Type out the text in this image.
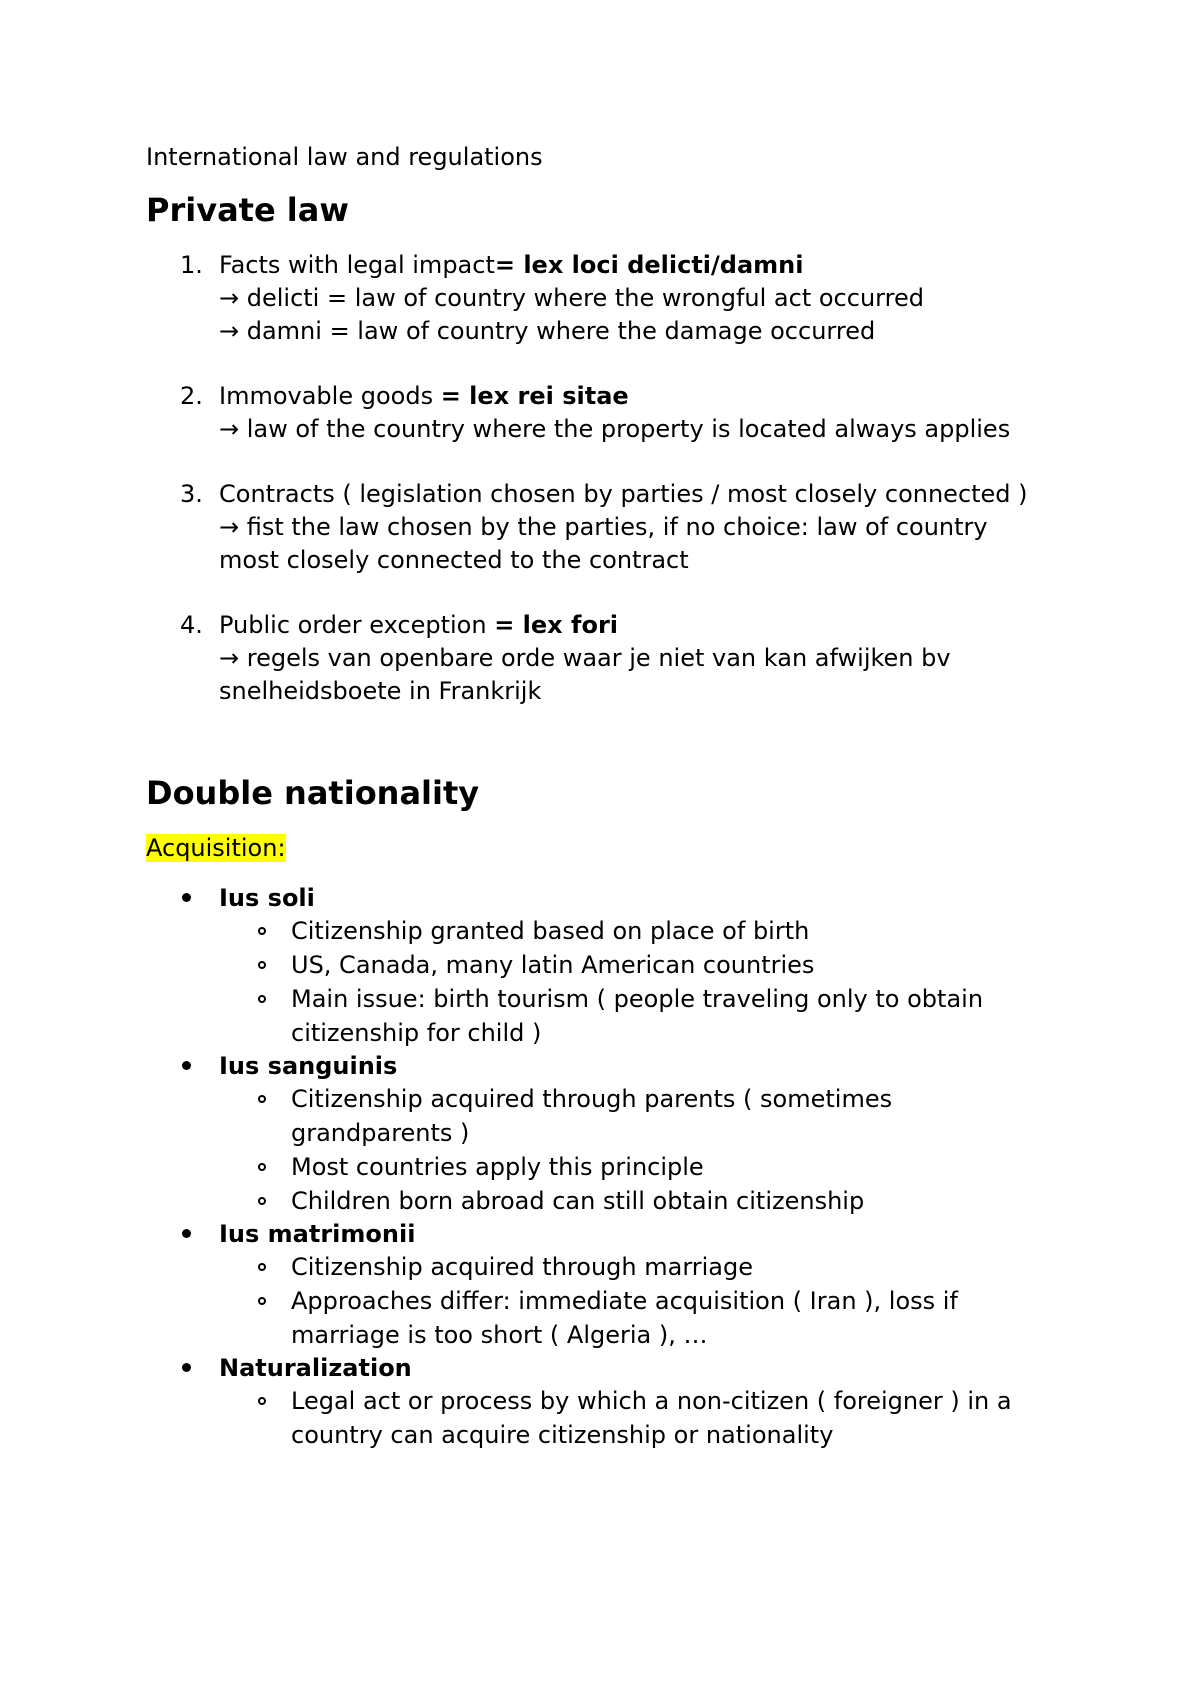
International law and regulations
Private law
1. Facts with legal impact= lex loci delicti/damni
→ delicti = law of country where the wrongful act occurred
→ damni = law of country where the damage occurred
2. Immovable goods = lex rei sitae
→ law of the country where the property is located always applies
3. Contracts ( legislation chosen by parties / most closely connected )
→ fist the law chosen by the parties, if no choice: law of country
most closely connected to the contract
4. Public order exception = lex fori
→ regels van openbare orde waar je niet van kan afwijken bv
snelheidsboete in Frankrijk
Double nationality
Acquisition:
Ius soli
Citizenship granted based on place of birth
US, Canada, many latin American countries
Main issue: birth tourism ( people traveling only to obtain
citizenship for child )
Ius sanguinis
Citizenship acquired through parents ( sometimes
grandparents )
Most countries apply this principle
Children born abroad can still obtain citizenship
Ius matrimonii
Citizenship acquired through marriage
Approaches differ: immediate acquisition ( Iran ), loss if
marriage is too short ( Algeria ), …
Naturalization
Legal act or process by which a non-citizen ( foreigner ) in a
country can acquire citizenship or nationality
